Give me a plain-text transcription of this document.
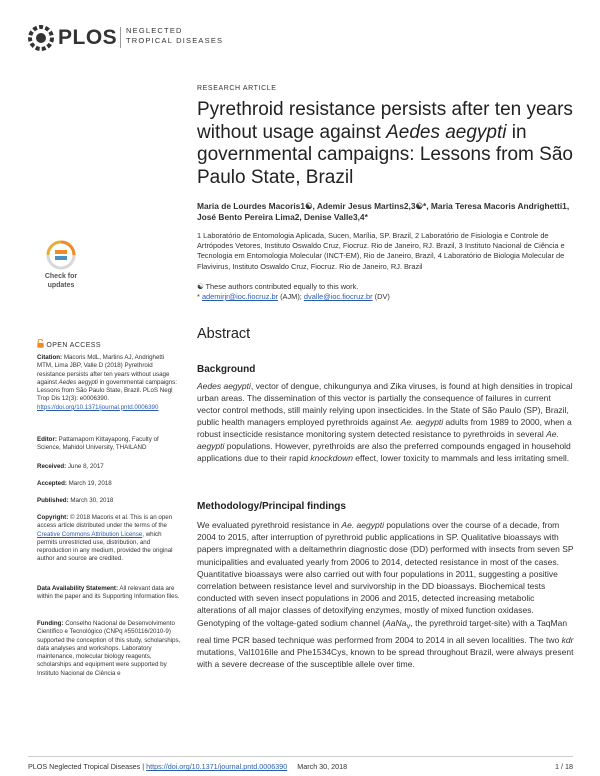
PLOS NEGLECTED
TROPICAL DISEASES
RESEARCH ARTICLE
Pyrethroid resistance persists after ten years without usage against Aedes aegypti in governmental campaigns: Lessons from São Paulo State, Brazil
Maria de Lourdes Macoris1☯, Ademir Jesus Martins2,3☯*, Maria Teresa Macoris Andrighetti1, José Bento Pereira Lima2, Denise Valle3,4*
1 Laboratório de Entomologia Aplicada, Sucen, Marília, SP. Brazil, 2 Laboratório de Fisiologia e Controle de Artrópodes Vetores, Instituto Oswaldo Cruz, Fiocruz. Rio de Janeiro, RJ. Brazil, 3 Instituto Nacional de Ciência e Tecnologia em Entomologia Molecular (INCT-EM), Rio de Janeiro, Brazil, 4 Laboratório de Biologia Molecular de Flavivirus, Instituto Oswaldo Cruz, Fiocruz. Rio de Janeiro, RJ. Brazil
☯ These authors contributed equally to this work.
* ademirjr@ioc.fiocruz.br (AJM); dvalle@ioc.fiocruz.br (DV)
Abstract
Background
Aedes aegypti, vector of dengue, chikungunya and Zika viruses, is found at high densities in tropical urban areas. The dissemination of this vector is partially the consequence of failures in current vector control methods, still mainly relying upon insecticides. In the State of São Paulo (SP), Brazil, public health managers employed pyrethroids against Ae. aegypti adults from 1989 to 2000, when a robust insecticide resistance monitoring system detected resistance to pyrethroids in several Ae. aegypti populations. However, pyrethroids are also the preferred compounds engaged in household applications due to their rapid knockdown effect, lower toxicity to mammals and less irritating smell.
Methodology/Principal findings
We evaluated pyrethroid resistance in Ae. aegypti populations over the course of a decade, from 2004 to 2015, after interruption of pyrethroid public applications in SP. Qualitative bioassays with papers impregnated with a deltamethrin diagnostic dose (DD) performed with insects from seven SP municipalities and evaluated yearly from 2006 to 2014, detected resistance in most of the cases. Quantitative bioassays were also carried out with four populations in 2011, suggesting a positive correlation between resistance level and survivorship in the DD bioassays. Biochemical tests conducted with seven insect populations in 2006 and 2015, detected increasing metabolic alterations of all major classes of detoxifying enzymes, mostly of mixed function oxidases. Genotyping of the voltage-gated sodium channel (AaNa$_V$, the pyrethroid target-site) with a TaqMan real time PCR based technique was performed from 2004 to 2014 in all seven localities. The two kdr mutations, Val1016Ile and Phe1534Cys, known to be spread throughout Brazil, were always present with a severe decrease of the susceptible allele over time.
Check for
updates
OPEN ACCESS
Citation: Macoris MdL, Martins AJ, Andrighetti MTM, Lima JBP, Valle D (2018) Pyrethroid resistance persists after ten years without usage against Aedes aegypti in governmental campaigns: Lessons from São Paulo State, Brazil. PLoS Negl Trop Dis 12(3): e0006390. https://doi.org/10.1371/journal.pntd.0006390
Editor: Pattamaporn Kittayapong, Faculty of Science, Mahidol University, THAILAND
Received: June 8, 2017
Accepted: March 19, 2018
Published: March 30, 2018
Copyright: © 2018 Macoris et al. This is an open access article distributed under the terms of the Creative Commons Attribution License, which permits unrestricted use, distribution, and reproduction in any medium, provided the original author and source are credited.
Data Availability Statement: All relevant data are within the paper and its Supporting Information files.
Funding: Conselho Nacional de Desenvolvimento Científico e Tecnológico (CNPq #550116/2010-9) supported the conception of this study, scholarships, data analyses and workshops. Laboratory maintenance, molecular biology reagents, scholarships and equipment were supported by Instituto Nacional de Ciência e
PLOS Neglected Tropical Diseases | https://doi.org/10.1371/journal.pntd.0006390 March 30, 2018	1 / 18
